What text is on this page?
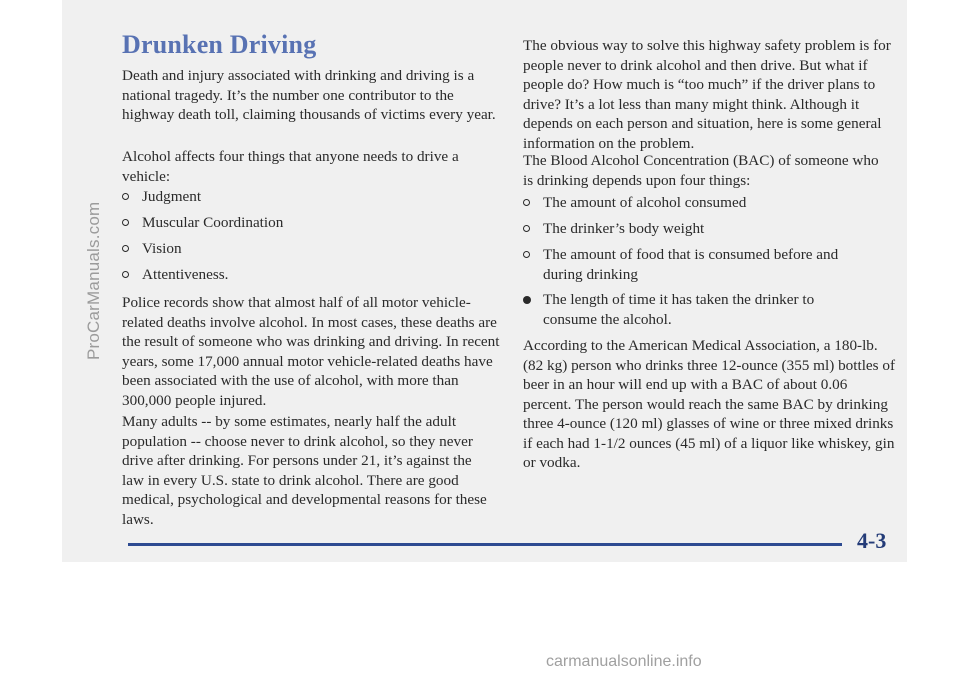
ProCarManuals.com
Drunken Driving

Death and injury associated with drinking and driving is a national tragedy. It’s the number one contributor to the highway death toll, claiming thousands of victims every year.

Alcohol affects four things that anyone needs to drive a vehicle:

Judgment
Muscular Coordination
Vision
Attentiveness.

Police records show that almost half of all motor vehicle-related deaths involve alcohol. In most cases, these deaths are the result of someone who was drinking and driving. In recent years, some 17,000 annual motor vehicle-related deaths have been associated with the use of alcohol, with more than 300,000 people injured.

Many adults -- by some estimates, nearly half the adult population -- choose never to drink alcohol, so they never drive after drinking. For persons under 21, it’s against the law in every U.S. state to drink alcohol. There are good medical, psychological and developmental reasons for these laws.

The obvious way to solve this highway safety problem is for people never to drink alcohol and then drive. But what if people do? How much is “too much” if the driver plans to drive? It’s a lot less than many might think. Although it depends on each person and situation, here is some general information on the problem.

The Blood Alcohol Concentration (BAC) of someone who is drinking depends upon four things:

The amount of alcohol consumed
The drinker’s body weight
The amount of food that is consumed before and during drinking
The length of time it has taken the drinker to consume the alcohol.

According to the American Medical Association, a 180-lb. (82 kg) person who drinks three 12-ounce (355 ml) bottles of beer in an hour will end up with a BAC of about 0.06 percent. The person would reach the same BAC by drinking three 4-ounce (120 ml) glasses of wine or three mixed drinks if each had 1-1/2 ounces (45 ml) of a liquor like whiskey, gin or vodka.

4-3
carmanualsonline.info
